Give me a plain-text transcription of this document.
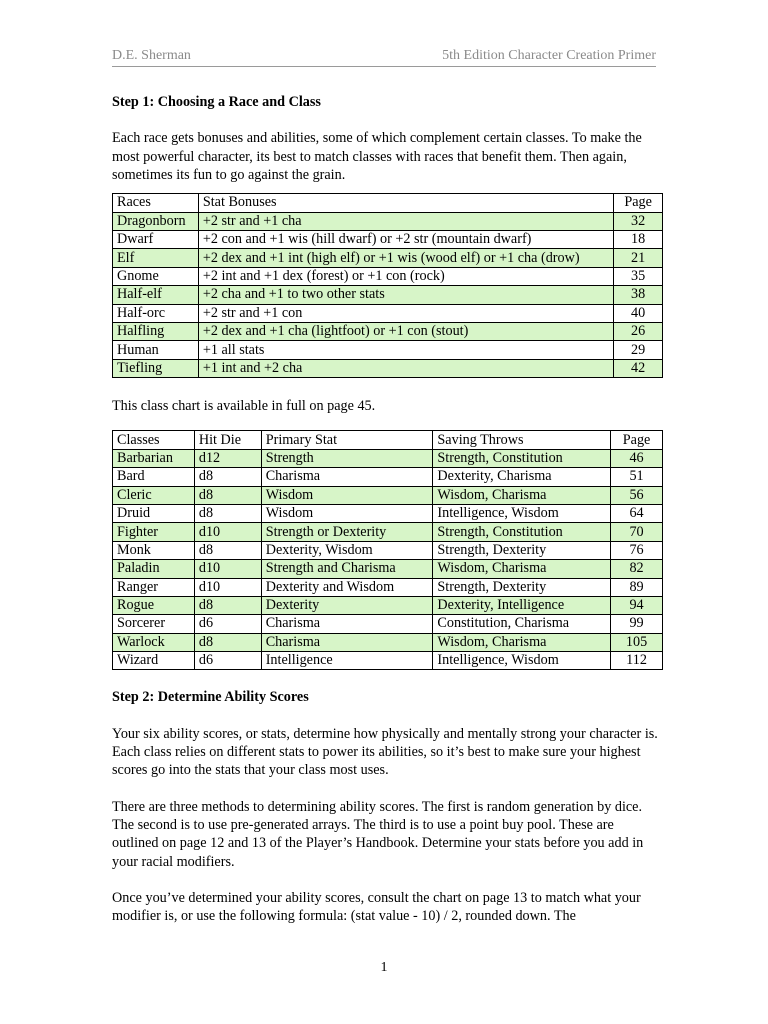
D.E. Sherman	5th Edition Character Creation Primer

Step 1: Choosing a Race and Class

Each race gets bonuses and abilities, some of which complement certain classes. To make the most powerful character, its best to match classes with races that benefit them. Then again, sometimes its fun to go against the grain.

Races	Stat Bonuses	Page
Dragonborn	+2 str and +1 cha	32
Dwarf	+2 con and +1 wis (hill dwarf) or +2 str (mountain dwarf)	18
Elf	+2 dex and +1 int (high elf) or +1 wis (wood elf) or +1 cha (drow)	21
Gnome	+2 int and +1 dex (forest) or +1 con (rock)	35
Half-elf	+2 cha and +1 to two other stats	38
Half-orc	+2 str and +1 con	40
Halfling	+2 dex and +1 cha (lightfoot) or +1 con (stout)	26
Human	+1 all stats	29
Tiefling	+1 int and +2 cha	42

This class chart is available in full on page 45.

Classes	Hit Die	Primary Stat	Saving Throws	Page
Barbarian	d12	Strength	Strength, Constitution	46
Bard	d8	Charisma	Dexterity, Charisma	51
Cleric	d8	Wisdom	Wisdom, Charisma	56
Druid	d8	Wisdom	Intelligence, Wisdom	64
Fighter	d10	Strength or Dexterity	Strength, Constitution	70
Monk	d8	Dexterity, Wisdom	Strength, Dexterity	76
Paladin	d10	Strength and Charisma	Wisdom, Charisma	82
Ranger	d10	Dexterity and Wisdom	Strength, Dexterity	89
Rogue	d8	Dexterity	Dexterity, Intelligence	94
Sorcerer	d6	Charisma	Constitution, Charisma	99
Warlock	d8	Charisma	Wisdom, Charisma	105
Wizard	d6	Intelligence	Intelligence, Wisdom	112

Step 2: Determine Ability Scores

Your six ability scores, or stats, determine how physically and mentally strong your character is. Each class relies on different stats to power its abilities, so it’s best to make sure your highest scores go into the stats that your class most uses.

There are three methods to determining ability scores. The first is random generation by dice. The second is to use pre-generated arrays. The third is to use a point buy pool. These are outlined on page 12 and 13 of the Player’s Handbook. Determine your stats before you add in your racial modifiers.

Once you’ve determined your ability scores, consult the chart on page 13 to match what your modifier is, or use the following formula: (stat value - 10) / 2, rounded down. The

1
